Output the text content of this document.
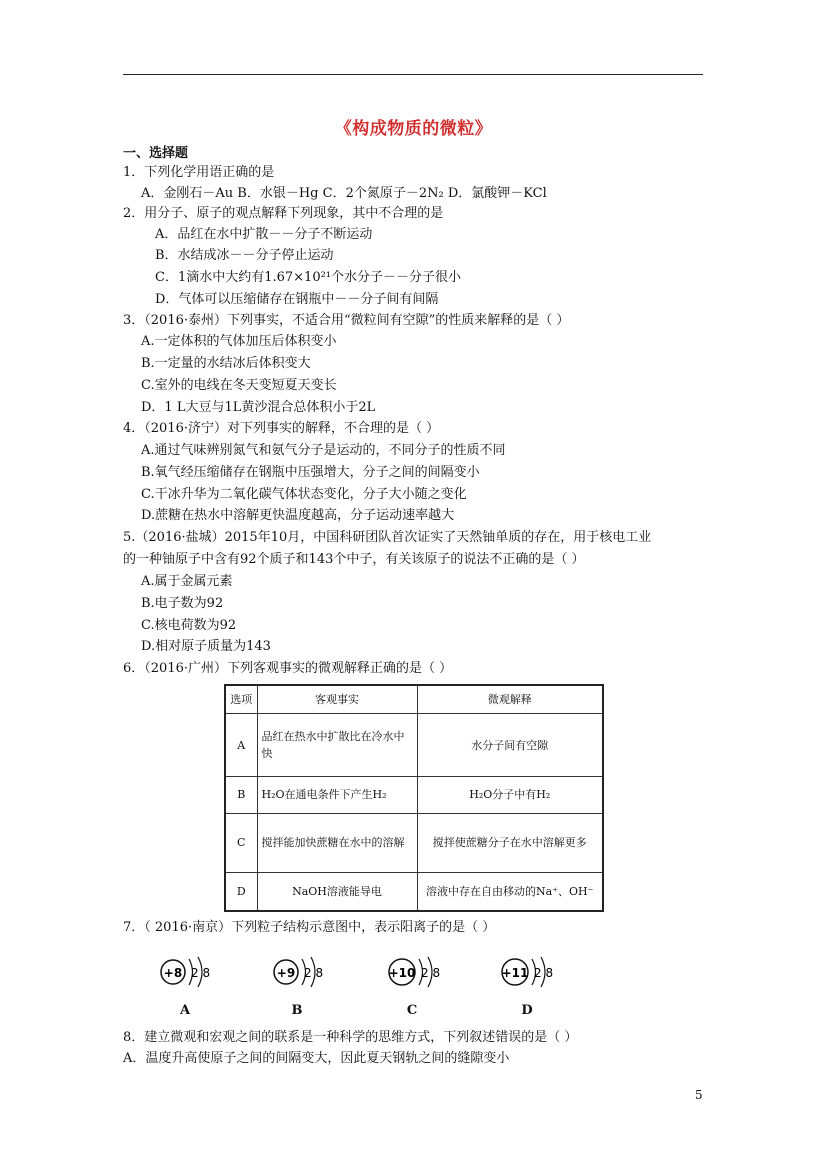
《构成物质的微粒》
一、选择题
1．下列化学用语正确的是
A．金刚石－Au B．水银－Hg C．2个氮原子－2N₂ D．氯酸钾－KCl
2．用分子、原子的观点解释下列现象，其中不合理的是
A．品红在水中扩散－－分子不断运动
B．水结成冰－－分子停止运动
C．1滴水中大约有1.67×10²¹个水分子－－分子很小
D．气体可以压缩储存在钢瓶中－－分子间有间隔
3．（2016·泰州）下列事实，不适合用“微粒间有空隙”的性质来解释的是（ ）
A.一定体积的气体加压后体积变小
B.一定量的水结冰后体积变大
C.室外的电线在冬天变短夏天变长
D．1 L大豆与1L黄沙混合总体积小于2L
4．（2016·济宁）对下列事实的解释，不合理的是（ ）
A.通过气味辨别氮气和氨气分子是运动的，不同分子的性质不同
B.氧气经压缩储存在钢瓶中压强增大，分子之间的间隔变小
C.干冰升华为二氧化碳气体状态变化，分子大小随之变化
D.蔗糖在热水中溶解更快温度越高，分子运动速率越大
5.（2016·盐城）2015年10月，中国科研团队首次证实了天然铀单质的存在，用于核电工业
的一种铀原子中含有92个质子和143个中子，有关该原子的说法不正确的是（ ）
A.属于金属元素
B.电子数为92
C.核电荷数为92
D.相对原子质量为143
6．（2016·广州）下列客观事实的微观解释正确的是（ ）
选项	客观事实	微观解释
A	品红在热水中扩散比在冷水中快	水分子间有空隙
B	H₂O在通电条件下产生H₂	H₂O分子中有H₂
C	搅拌能加快蔗糖在水中的溶解	搅拌使蔗糖分子在水中溶解更多
D	NaOH溶液能导电	溶液中存在自由移动的Na⁺、OH⁻
7．（ 2016·南京）下列粒子结构示意图中，表示阳离子的是（ ）
+8 2 8
A
+9 2 8
B
+10 2 8
C
+11 2 8
D
8．建立微观和宏观之间的联系是一种科学的思维方式，下列叙述错误的是（ ）
A．温度升高使原子之间的间隔变大，因此夏天钢轨之间的缝隙变小
5
